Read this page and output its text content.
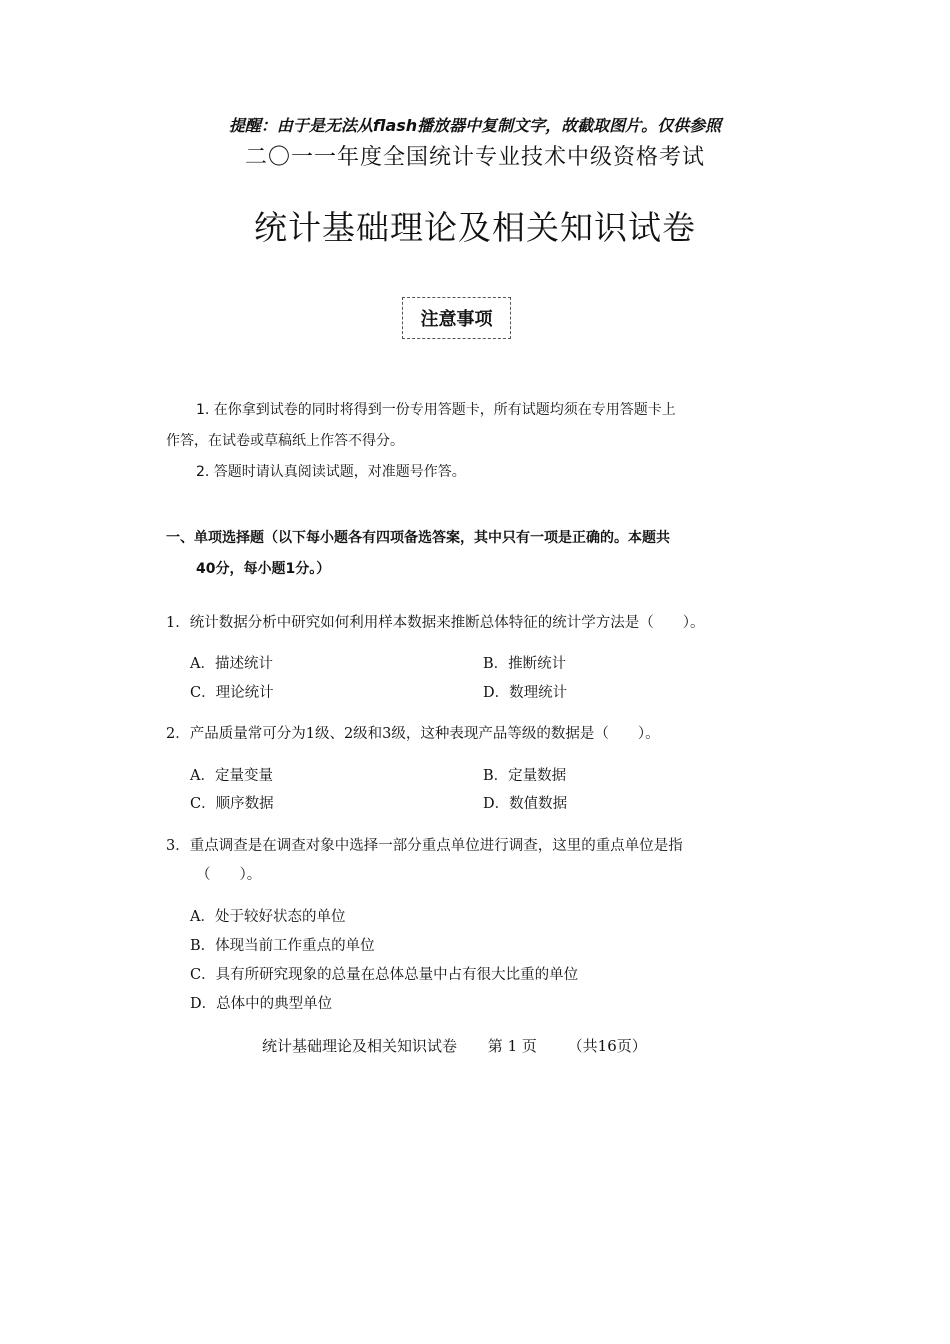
提醒：由于是无法从flash播放器中复制文字，故截取图片。仅供参照
二〇一一年度全国统计专业技术中级资格考试
统计基础理论及相关知识试卷
注意事项
1. 在你拿到试卷的同时将得到一份专用答题卡，所有试题均须在专用答题卡上
作答，在试卷或草稿纸上作答不得分。
2. 答题时请认真阅读试题，对准题号作答。
一、单项选择题（以下每小题各有四项备选答案，其中只有一项是正确的。本题共
40分，每小题1分。）
1．统计数据分析中研究如何利用样本数据来推断总体特征的统计学方法是（　　）。
A．描述统计	B．推断统计
C．理论统计	D．数理统计
2．产品质量常可分为1级、2级和3级，这种表现产品等级的数据是（　　）。
A．定量变量	B．定量数据
C．顺序数据	D．数值数据
3．重点调查是在调查对象中选择一部分重点单位进行调查，这里的重点单位是指
（　　）。
A．处于较好状态的单位
B．体现当前工作重点的单位
C．具有所研究现象的总量在总体总量中占有很大比重的单位
D．总体中的典型单位
统计基础理论及相关知识试卷 第 1 页 （共16页）
